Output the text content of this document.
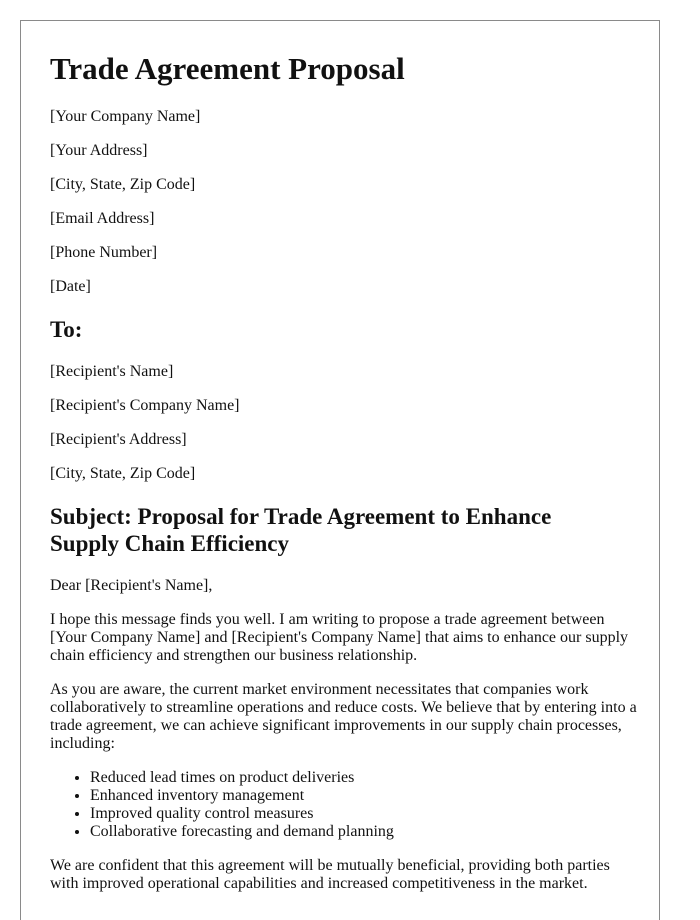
Trade Agreement Proposal
[Your Company Name]
[Your Address]
[City, State, Zip Code]
[Email Address]
[Phone Number]
[Date]
To:
[Recipient's Name]
[Recipient's Company Name]
[Recipient's Address]
[City, State, Zip Code]
Subject: Proposal for Trade Agreement to Enhance
Supply Chain Efficiency
Dear [Recipient's Name],

I hope this message finds you well. I am writing to propose a trade agreement between [Your Company Name] and [Recipient's Company Name] that aims to enhance our supply chain efficiency and strengthen our business relationship.

As you are aware, the current market environment necessitates that companies work collaboratively to streamline operations and reduce costs. We believe that by entering into a trade agreement, we can achieve significant improvements in our supply chain processes, including:

• Reduced lead times on product deliveries
• Enhanced inventory management
• Improved quality control measures
• Collaborative forecasting and demand planning

We are confident that this agreement will be mutually beneficial, providing both parties with improved operational capabilities and increased competitiveness in the market.
